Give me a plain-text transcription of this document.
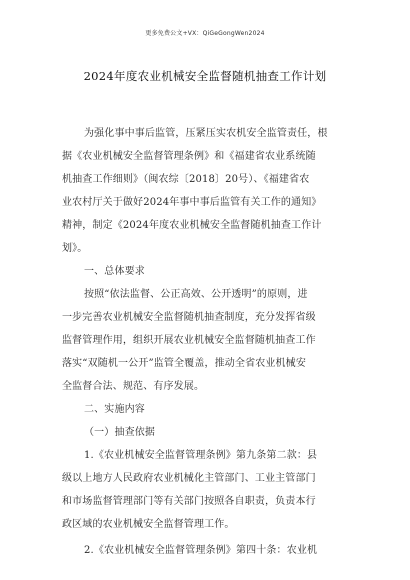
更多免费公文+VX：QiGeGongWen2024
2024年度农业机械安全监督随机抽查工作计划
为强化事中事后监管，压紧压实农机安全监管责任，根
据《农业机械安全监督管理条例》和《福建省农业系统随
机抽查工作细则》（闽农综〔2018〕20号）、《福建省农
业农村厅关于做好2024年事中事后监管有关工作的通知》
精神，制定《2024年度农业机械安全监督随机抽查工作计
划》。
一、总体要求
按照“依法监督、公正高效、公开透明”的原则，进
一步完善农业机械安全监督随机抽查制度，充分发挥省级
监督管理作用，组织开展农业机械安全监督随机抽查工作
落实“双随机一公开”监管全覆盖，推动全省农业机械安
全监督合法、规范、有序发展。
二、实施内容
（一）抽查依据
1.《农业机械安全监督管理条例》第九条第二款：县
级以上地方人民政府农业机械化主管部门、工业主管部门
和市场监督管理部门等有关部门按照各自职责，负责本行
政区域的农业机械安全监督管理工作。
2.《农业机械安全监督管理条例》第四十条：农业机
